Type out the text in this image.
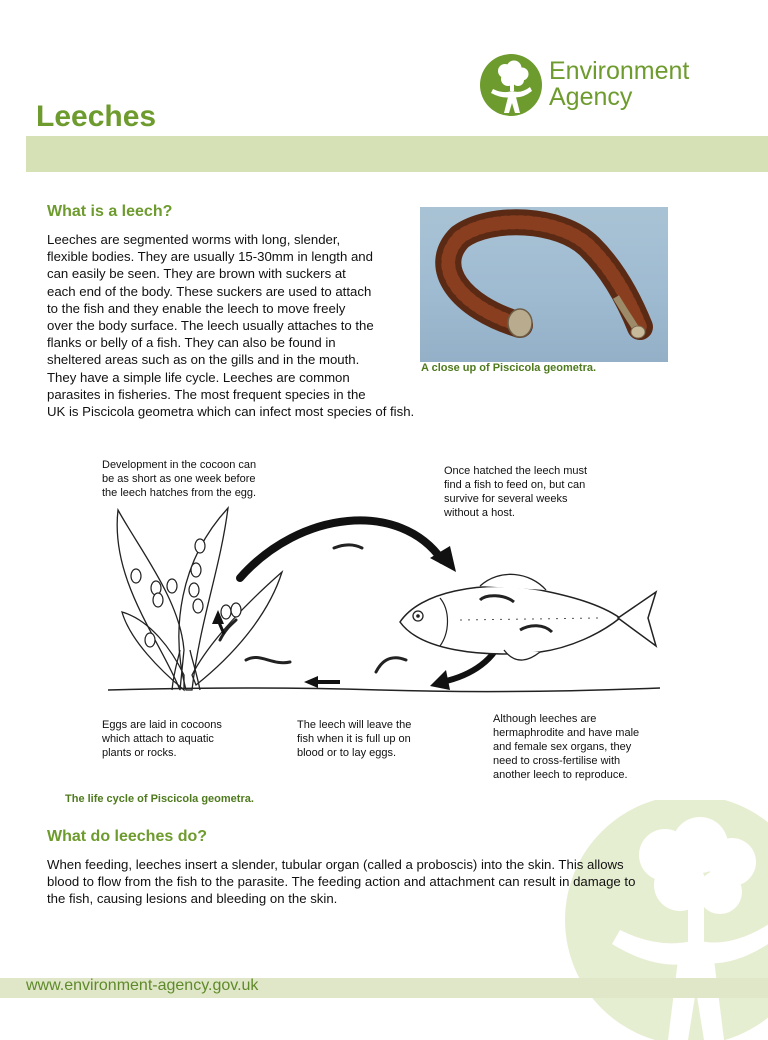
Leeches
Environment
Agency
What is a leech?
Leeches are segmented worms with long, slender,
flexible bodies. They are usually 15-30mm in length and
can easily be seen. They are brown with suckers at
each end of the body. These suckers are used to attach
to the fish and they enable the leech to move freely
over the body surface. The leech usually attaches to the
flanks or belly of a fish. They can also be found in
sheltered areas such as on the gills and in the mouth.
They have a simple life cycle. Leeches are common
parasites in fisheries. The most frequent species in the
UK is Piscicola geometra which can infect most species of fish.
A close up of Piscicola geometra.
Development in the cocoon can
be as short as one week before
the leech hatches from the egg.
Once hatched the leech must
find a fish to feed on, but can
survive for several weeks
without a host.
Eggs are laid in cocoons
which attach to aquatic
plants or rocks.
The leech will leave the
fish when it is full up on
blood or to lay eggs.
Although leeches are
hermaphrodite and have male
and female sex organs, they
need to cross-fertilise with
another leech to reproduce.
The life cycle of Piscicola geometra.
What do leeches do?
When feeding, leeches insert a slender, tubular organ (called a proboscis) into the skin. This allows
blood to flow from the fish to the parasite. The feeding action and attachment can result in damage to
the fish, causing lesions and bleeding on the skin.
www.environment-agency.gov.uk
